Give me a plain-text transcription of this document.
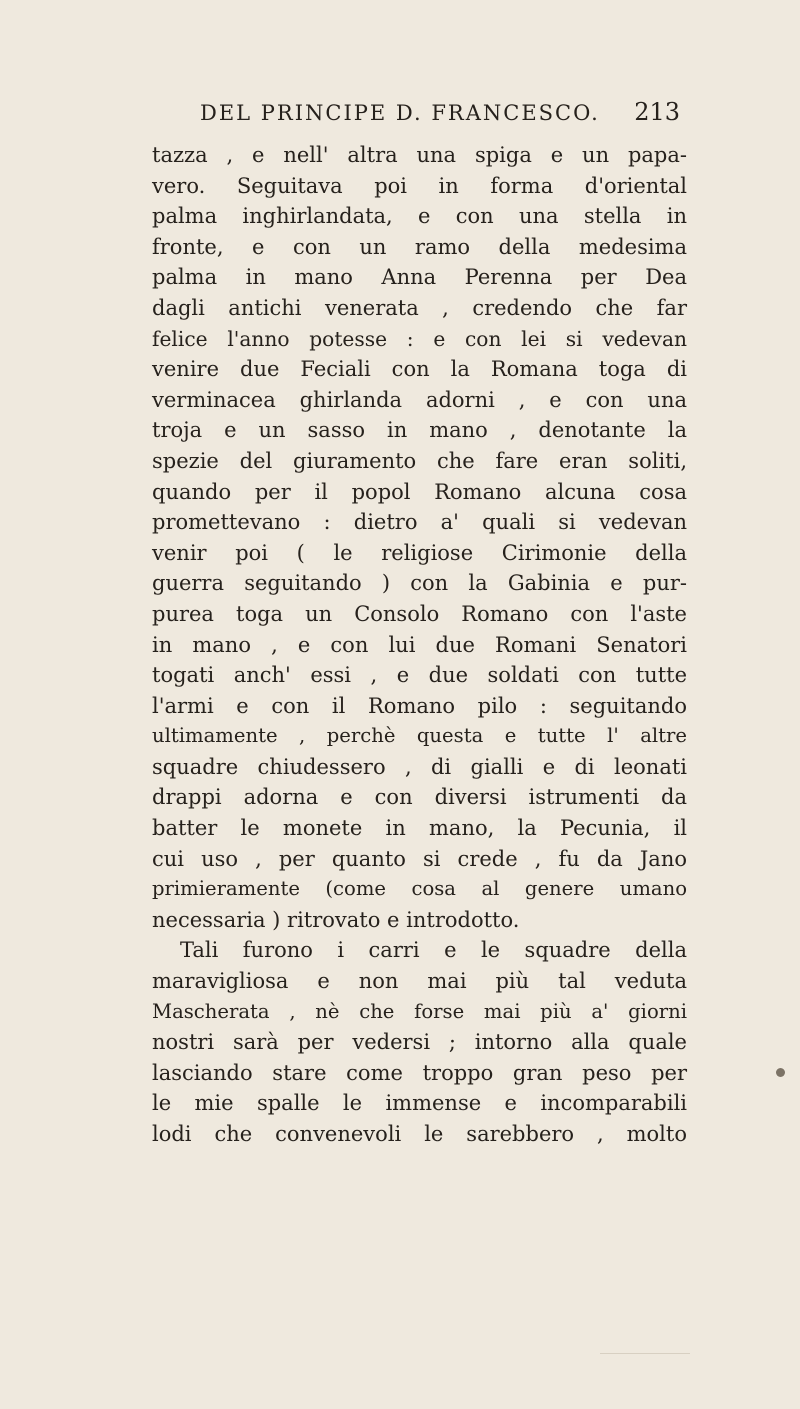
DEL PRINCIPE D. FRANCESCO. 213
tazza , e nell' altra una spiga e un papa-
vero. Seguitava poi in forma d'oriental
palma inghirlandata, e con una stella in
fronte, e con un ramo della medesima
palma in mano Anna Perenna per Dea
dagli antichi venerata , credendo che far
felice l'anno potesse : e con lei si vedevan
venire due Feciali con la Romana toga di
verminacea ghirlanda adorni , e con una
troja e un sasso in mano , denotante la
spezie del giuramento che fare eran soliti,
quando per il popol Romano alcuna cosa
promettevano : dietro a' quali si vedevan
venir poi ( le religiose Cirimonie della
guerra seguitando ) con la Gabinia e pur-
purea toga un Consolo Romano con l'aste
in mano , e con lui due Romani Senatori
togati anch' essi , e due soldati con tutte
l'armi e con il Romano pilo : seguitando
ultimamente , perchè questa e tutte l' altre
squadre chiudessero , di gialli e di leonati
drappi adorna e con diversi istrumenti da
batter le monete in mano, la Pecunia, il
cui uso , per quanto si crede , fu da Jano
primieramente (come cosa al genere umano
necessaria ) ritrovato e introdotto.
Tali furono i carri e le squadre della
maravigliosa e non mai più tal veduta
Mascherata , nè che forse mai più a' giorni
nostri sarà per vedersi ; intorno alla quale
lasciando stare come troppo gran peso per
le mie spalle le immense e incomparabili
lodi che convenevoli le sarebbero , molto
